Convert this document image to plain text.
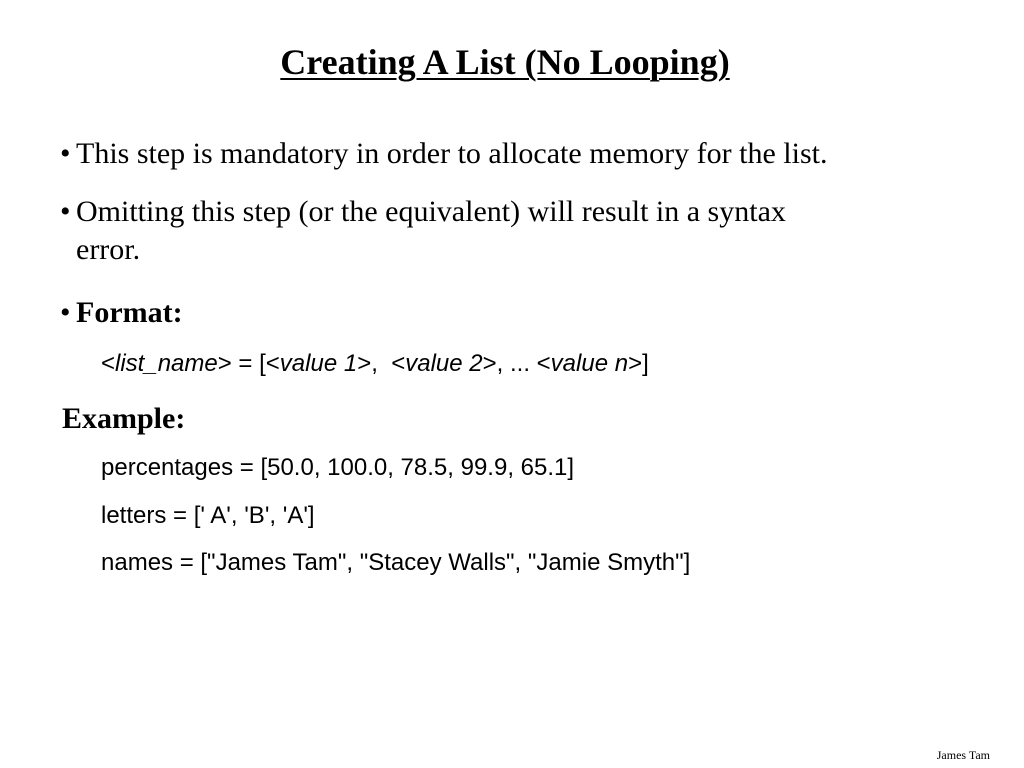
Creating A List (No Looping)
• This step is mandatory in order to allocate memory for the list.
• Omitting this step (or the equivalent) will result in a syntax
error.
• Format:
<list_name> = [<value 1>,  <value 2>, ... <value n>]
Example:
percentages = [50.0, 100.0, 78.5, 99.9, 65.1]
letters = [' A', 'B', 'A']
names = ["James Tam", "Stacey Walls", "Jamie Smyth"]
James Tam
